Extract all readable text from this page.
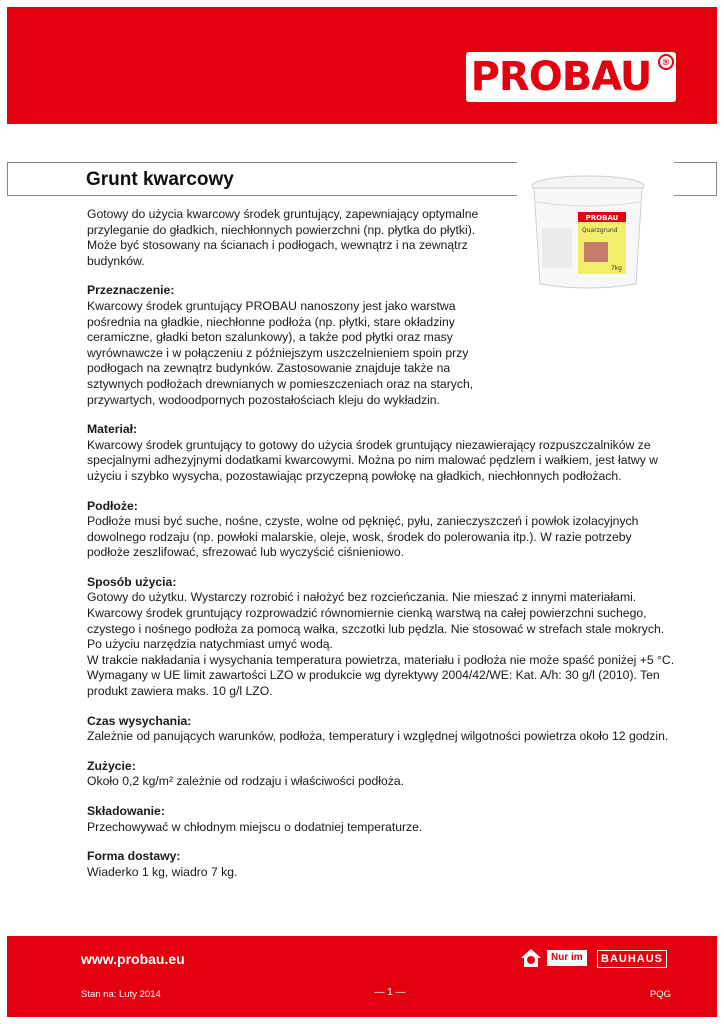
PROBAU	®
Grunt kwarcowy
PROBAU
Quarzgrund
7kg

Gotowy do użycia kwarcowy środek gruntujący, zapewniający optymalne przyleganie do gładkich, niechłonnych powierzchni (np. płytka do płytki). Może być stosowany na ścianach i podłogach, wewnątrz i na zewnątrz budynków.

Przeznaczenie:

Kwarcowy środek gruntujący PROBAU nanoszony jest jako warstwa pośrednia na gładkie, niechłonne podłoża (np. płytki, stare okładziny ceramiczne, gładki beton szalunkowy), a także pod płytki oraz masy wyrównawcze i w połączeniu z późniejszym uszczelnieniem spoin przy podłogach na zewnątrz budynków. Zastosowanie znajduje także na sztywnych podłożach drewnianych w pomieszczeniach oraz na starych, przywartych, wodoodpornych pozostałościach kleju do wykładzin.

Materiał:

Kwarcowy środek gruntujący to gotowy do użycia środek gruntujący niezawierający rozpuszczalników ze specjalnymi adhezyjnymi dodatkami kwarcowymi. Można po nim malować pędzlem i wałkiem, jest łatwy w użyciu i szybko wysycha, pozostawiając przyczepną powłokę na gładkich, niechłonnych podłożach.

Podłoże:

Podłoże musi być suche, nośne, czyste, wolne od pęknięć, pyłu, zanieczyszczeń i powłok izolacyjnych dowolnego rodzaju (np. powłoki malarskie, oleje, wosk, środek do polerowania itp.). W razie potrzeby podłoże zeszlifować, sfrezować lub wyczyścić ciśnieniowo.

Sposób użycia:

Gotowy do użytku. Wystarczy rozrobić i nałożyć bez rozcieńczania. Nie mieszać z innymi materiałami. Kwarcowy środek gruntujący rozprowadzić równomiernie cienką warstwą na całej powierzchni suchego, czystego i nośnego podłoża za pomocą wałka, szczotki lub pędzla. Nie stosować w strefach stale mokrych.

Po użyciu narzędzia natychmiast umyć wodą.

W trakcie nakładania i wysychania temperatura powietrza, materiału i podłoża nie może spaść poniżej +5 °C.

Wymagany w UE limit zawartości LZO w produkcie wg dyrektywy 2004/42/WE: Kat. A/h: 30 g/l (2010). Ten produkt zawiera maks. 10 g/l LZO.

Czas wysychania:

Zależnie od panujących warunków, podłoża, temperatury i względnej wilgotności powietrza około 12 godzin.

Zużycie:

Około 0,2 kg/m² zależnie od rodzaju i właściwości podłoża.

Składowanie:

Przechowywać w chłodnym miejscu o dodatniej temperaturze.

Forma dostawy:

Wiaderko 1 kg, wiadro 7 kg.

www.probau.eu	Nur im	BAUHAUS
Stan na: Luty 2014	— 1 —	PQG
